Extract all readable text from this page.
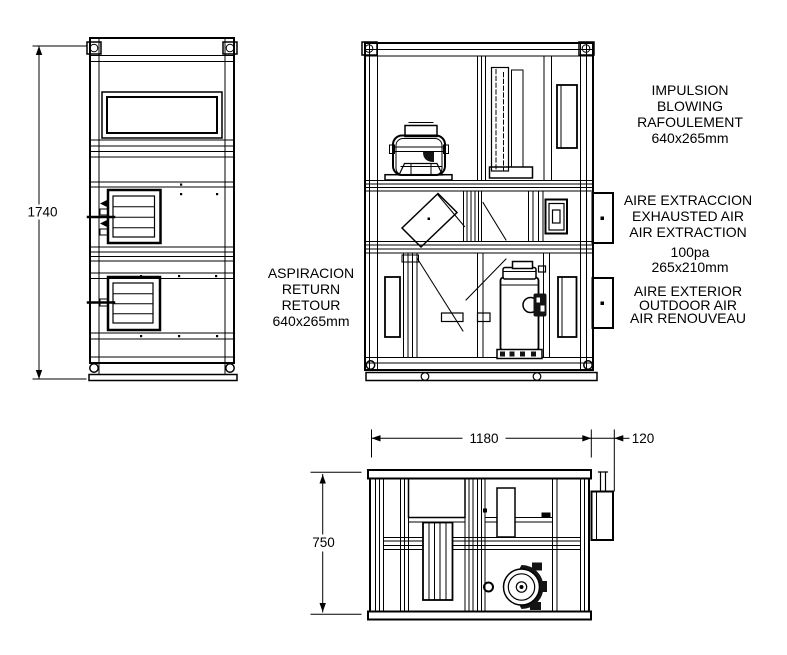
1740
1180	120
750
ASPIRACION
RETURN
RETOUR
640x265mm
IMPULSION
BLOWING
RAFOULEMENT
640x265mm
AIRE EXTRACCION
EXHAUSTED AIR
AIR EXTRACTION
100pa
265x210mm
AIRE EXTERIOR
OUTDOOR AIR
AIR RENOUVEAU
